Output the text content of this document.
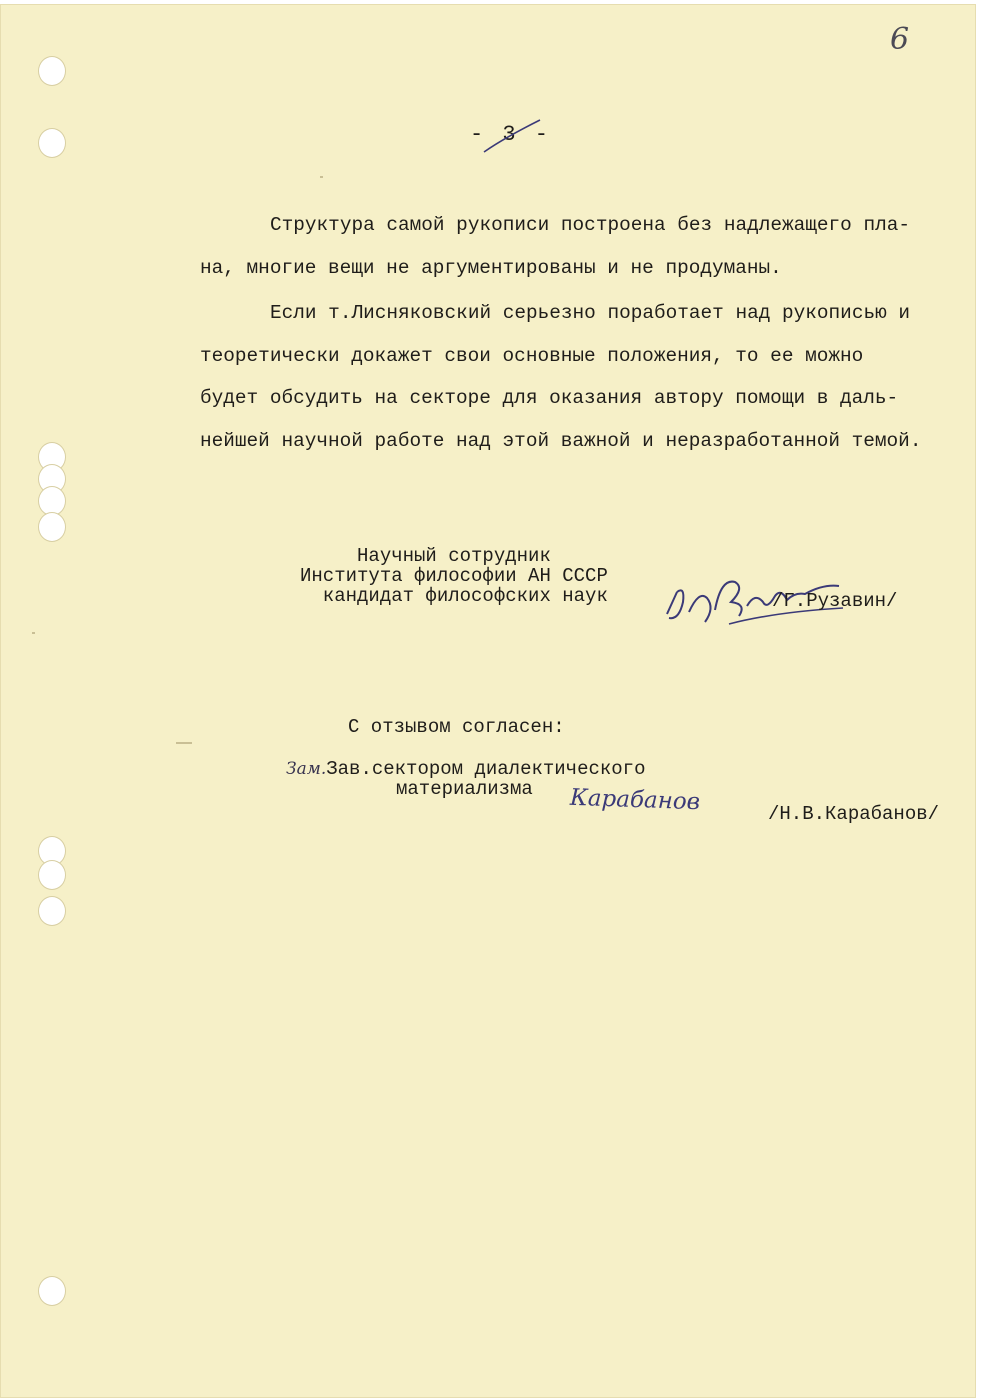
6
- 3 -
Структура самой рукописи построена без надлежащего пла-
на, многие вещи не аргументированы и не продуманы.
Если т.Лисняковский серьезно поработает над рукописью и
теоретически докажет свои основные положения, то ее можно
будет обсудить на секторе для оказания автору помощи в даль-
нейшей научной работе над этой важной и неразработанной темой.
Научный сотрудник
Института философии АН СССР
кандидат философских наук	/Г.Рузавин/
С отзывом согласен:
Зам.Зав.сектором диалектического
материализма Карабанов	/Н.В.Карабанов/
